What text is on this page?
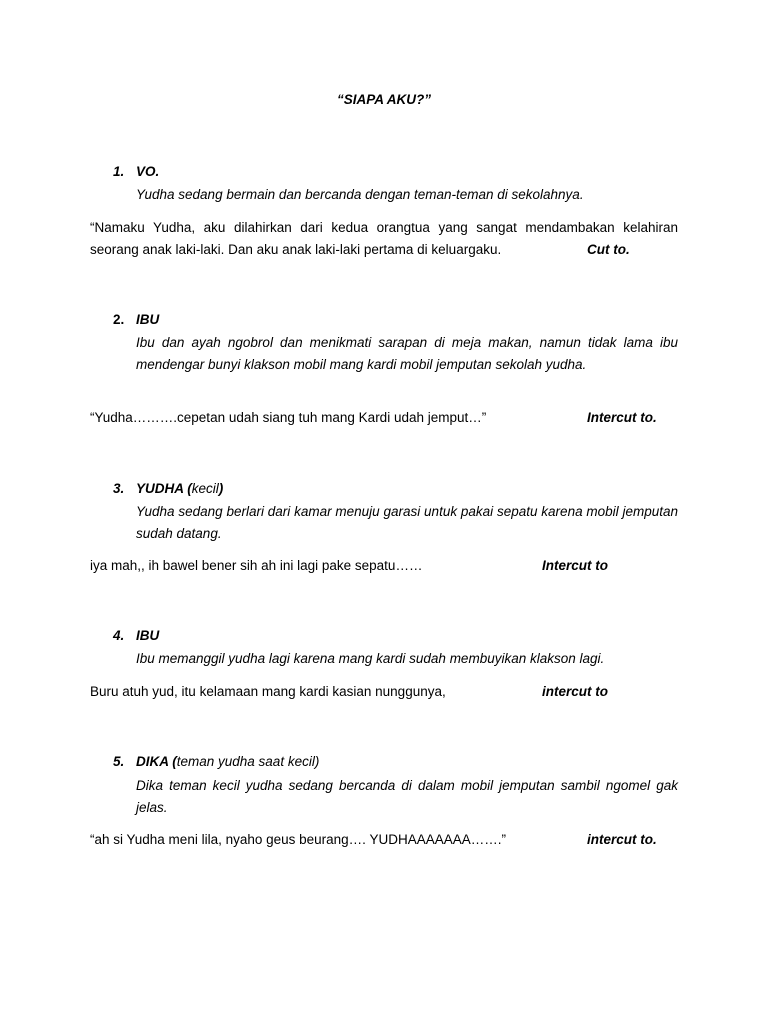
“SIAPA AKU?”
1. VO.
Yudha sedang bermain dan bercanda dengan teman-teman di sekolahnya.
“Namaku Yudha, aku dilahirkan dari kedua orangtua yang sangat mendambakan kelahiran
seorang anak laki-laki. Dan aku anak laki-laki pertama di keluargaku.	Cut to.
2. IBU
Ibu dan ayah ngobrol dan menikmati sarapan di meja makan, namun tidak lama ibu mendengar bunyi klakson mobil mang kardi mobil jemputan sekolah yudha.
“Yudha……….cepetan udah siang tuh mang Kardi udah jemput…”	Intercut to.
3. YUDHA (kecil)
Yudha sedang berlari dari kamar menuju garasi untuk pakai sepatu karena mobil jemputan sudah datang.
iya mah,, ih bawel bener sih ah ini lagi pake sepatu……	Intercut to
4. IBU
Ibu memanggil yudha lagi karena mang kardi sudah membuyikan klakson lagi.
Buru atuh yud, itu kelamaan mang kardi kasian nunggunya,	intercut to
5. DIKA (teman yudha saat kecil)
Dika teman kecil yudha sedang bercanda di dalam mobil jemputan sambil ngomel gak jelas.
“ah si Yudha meni lila, nyaho geus beurang…. YUDHAAAAAAA…….”	intercut to.
